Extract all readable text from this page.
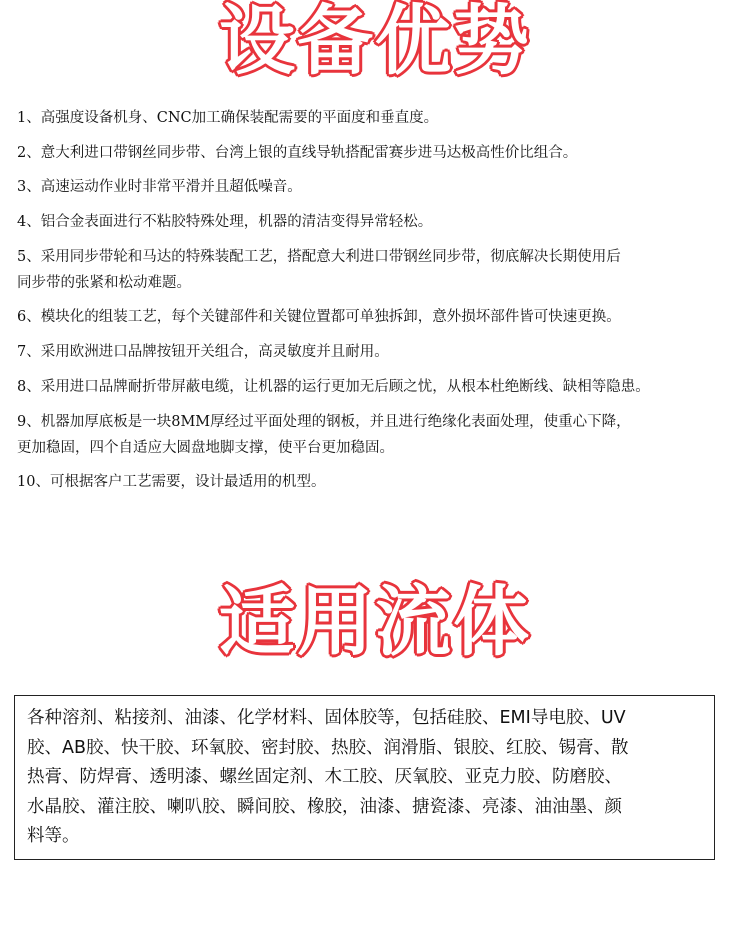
设备优势
1、高强度设备机身、CNC加工确保装配需要的平面度和垂直度。
2、意大利进口带钢丝同步带、台湾上银的直线导轨搭配雷赛步进马达极高性价比组合。
3、高速运动作业时非常平滑并且超低噪音。
4、铝合金表面进行不粘胶特殊处理，机器的清洁变得异常轻松。
5、采用同步带轮和马达的特殊装配工艺，搭配意大利进口带钢丝同步带，彻底解决长期使用后
同步带的张紧和松动难题。
6、模块化的组装工艺，每个关键部件和关键位置都可单独拆卸，意外损坏部件皆可快速更换。
7、采用欧洲进口品牌按钮开关组合，高灵敏度并且耐用。
8、采用进口品牌耐折带屏蔽电缆，让机器的运行更加无后顾之忧，从根本杜绝断线、缺相等隐患。
9、机器加厚底板是一块8MM厚经过平面处理的钢板，并且进行绝缘化表面处理，使重心下降，
更加稳固，四个自适应大圆盘地脚支撑，使平台更加稳固。
10、可根据客户工艺需要，设计最适用的机型。
适用流体
各种溶剂、粘接剂、油漆、化学材料、固体胶等，包括硅胶、EMI导电胶、UV
胶、AB胶、快干胶、环氧胶、密封胶、热胶、润滑脂、银胶、红胶、锡膏、散
热膏、防焊膏、透明漆、螺丝固定剂、木工胶、厌氧胶、亚克力胶、防磨胶、
水晶胶、灌注胶、喇叭胶、瞬间胶、橡胶，油漆、搪瓷漆、亮漆、油油墨、颜
料等。
